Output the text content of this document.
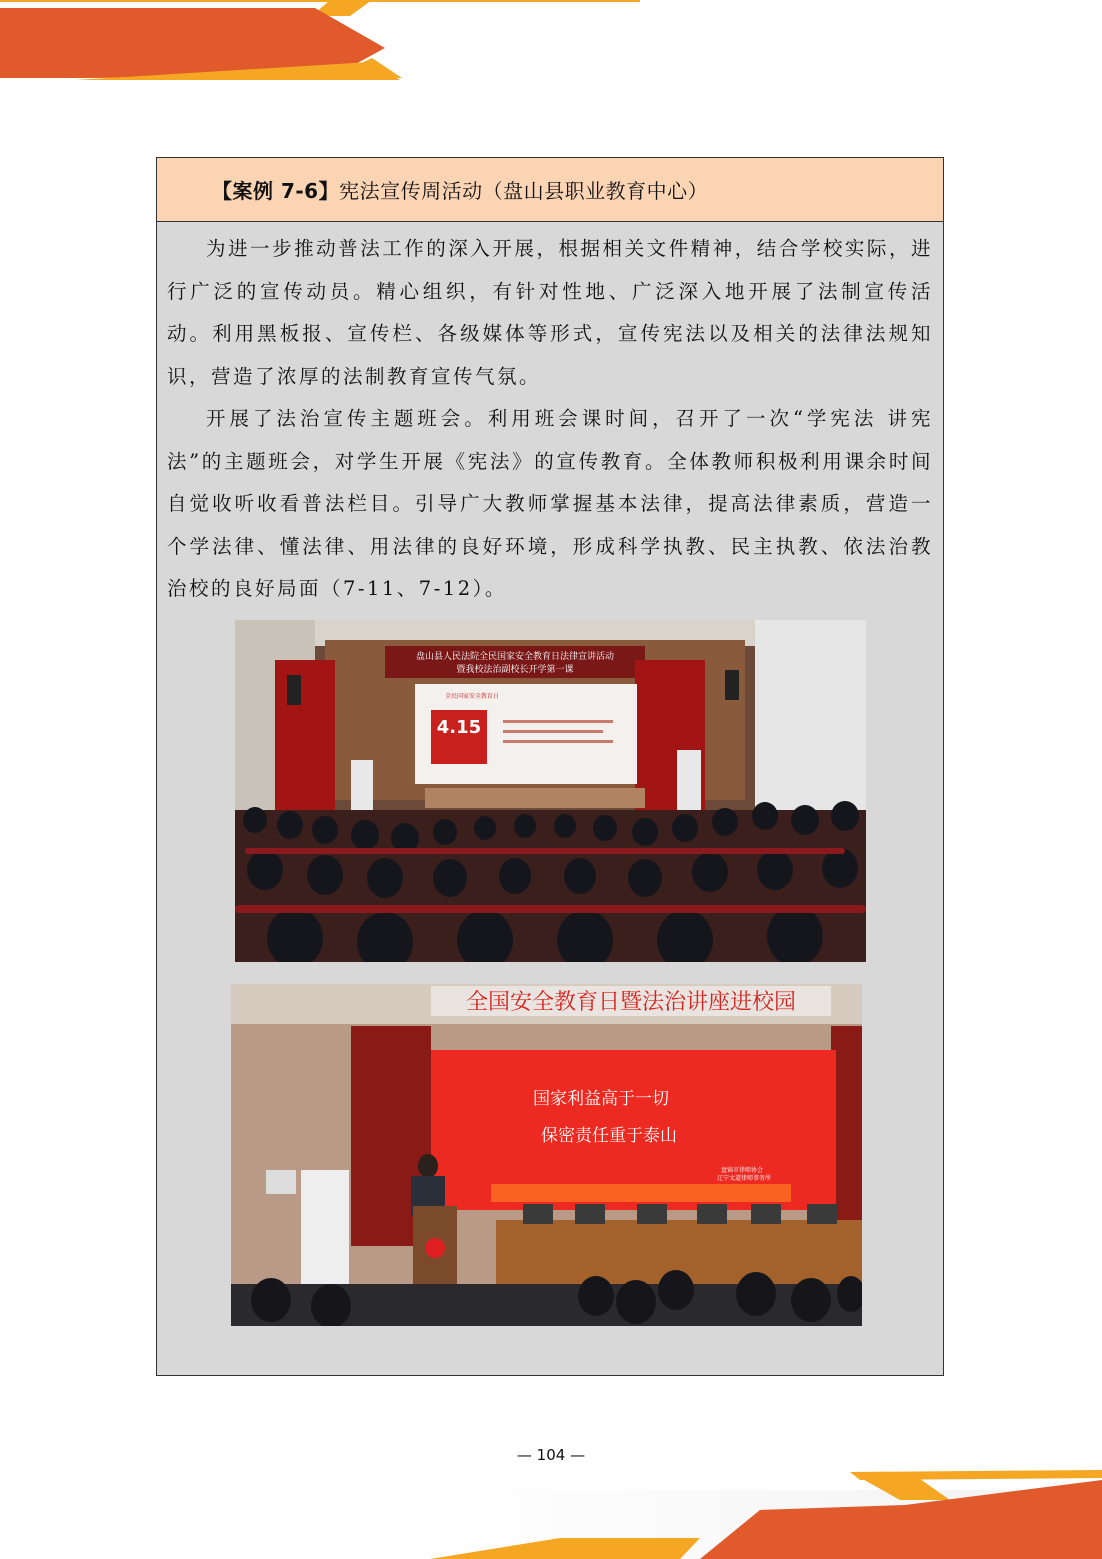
【案例 7-6】宪法宣传周活动（盘山县职业教育中心）

为进一步推动普法工作的深入开展，根据相关文件精神，结合学校实际，进行广泛的宣传动员。精心组织，有针对性地、广泛深入地开展了法制宣传活动。利用黑板报、宣传栏、各级媒体等形式，宣传宪法以及相关的法律法规知识，营造了浓厚的法制教育宣传气氛。

开展了法治宣传主题班会。利用班会课时间，召开了一次“学宪法 讲宪法”的主题班会，对学生开展《宪法》的宣传教育。全体教师积极利用课余时间自觉收听收看普法栏目。引导广大教师掌握基本法律，提高法律素质，营造一个学法律、懂法律、用法律的良好环境，形成科学执教、民主执教、依法治教治校的良好局面（7-11、7-12）。

盘山县人民法院全民国家安全教育日法律宣讲活动
暨我校法治副校长开学第一课
4.15
全民国家安全教育日
全国安全教育日暨法治讲座进校园
国家利益高于一切
保密责任重于泰山
盘锦市律师协会
辽宁文道律师事务所
— 104 —
